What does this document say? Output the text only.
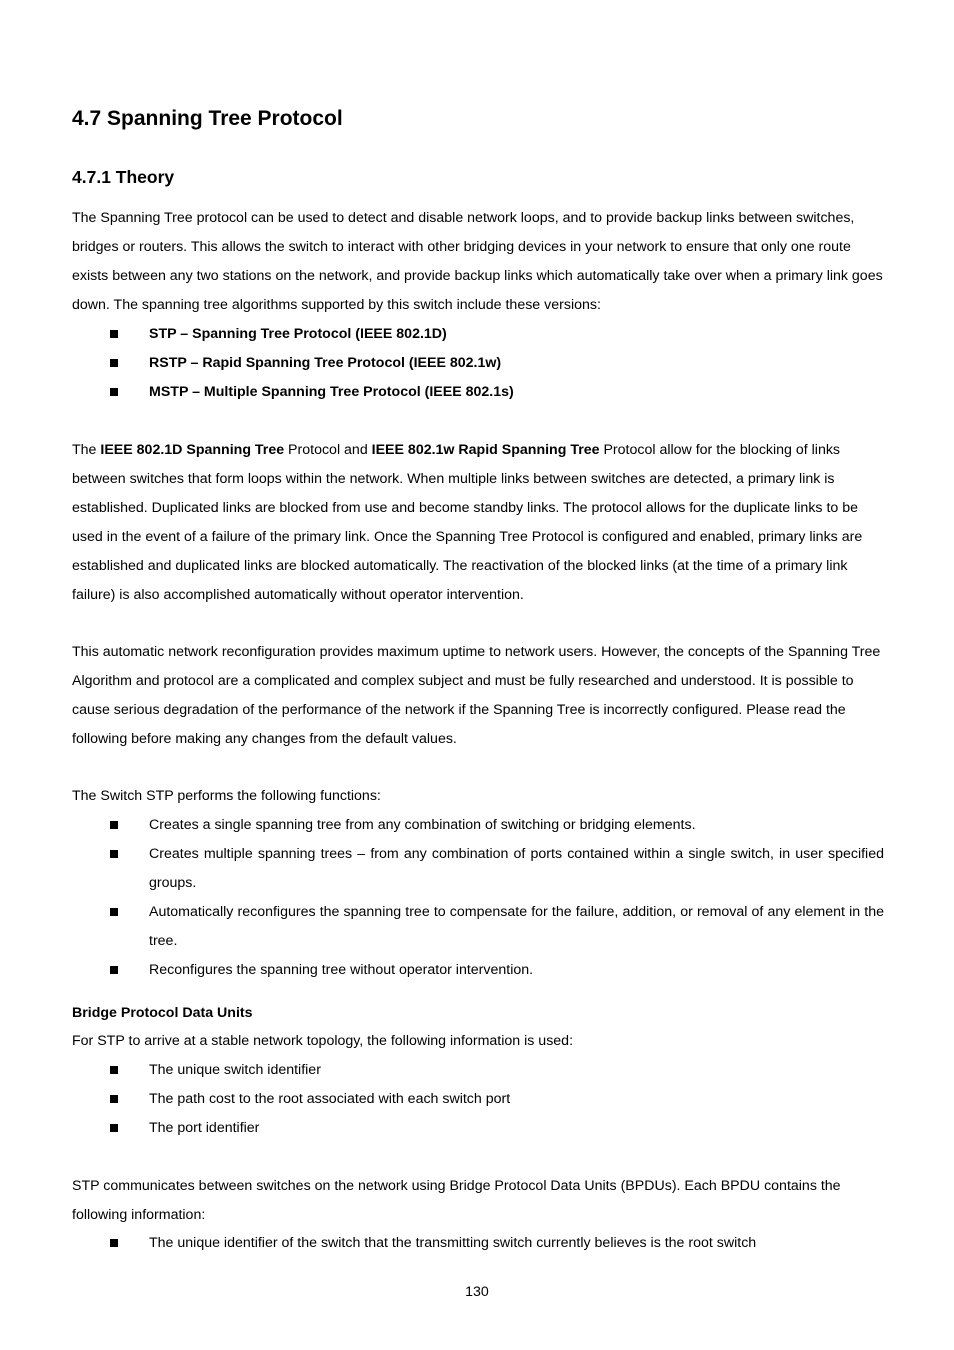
4.7 Spanning Tree Protocol
4.7.1 Theory

The Spanning Tree protocol can be used to detect and disable network loops, and to provide backup links between switches, bridges or routers. This allows the switch to interact with other bridging devices in your network to ensure that only one route exists between any two stations on the network, and provide backup links which automatically take over when a primary link goes down. The spanning tree algorithms supported by this switch include these versions:

STP – Spanning Tree Protocol (IEEE 802.1D)
RSTP – Rapid Spanning Tree Protocol (IEEE 802.1w)
MSTP – Multiple Spanning Tree Protocol (IEEE 802.1s)

The IEEE 802.1D Spanning Tree Protocol and IEEE 802.1w Rapid Spanning Tree Protocol allow for the blocking of links between switches that form loops within the network. When multiple links between switches are detected, a primary link is established. Duplicated links are blocked from use and become standby links. The protocol allows for the duplicate links to be used in the event of a failure of the primary link. Once the Spanning Tree Protocol is configured and enabled, primary links are established and duplicated links are blocked automatically. The reactivation of the blocked links (at the time of a primary link failure) is also accomplished automatically without operator intervention.

This automatic network reconfiguration provides maximum uptime to network users. However, the concepts of the Spanning Tree Algorithm and protocol are a complicated and complex subject and must be fully researched and understood. It is possible to cause serious degradation of the performance of the network if the Spanning Tree is incorrectly configured. Please read the following before making any changes from the default values.

The Switch STP performs the following functions:

Creates a single spanning tree from any combination of switching or bridging elements.
Creates multiple spanning trees – from any combination of ports contained within a single switch, in user specified groups.
Automatically reconfigures the spanning tree to compensate for the failure, addition, or removal of any element in the tree.
Reconfigures the spanning tree without operator intervention.

Bridge Protocol Data Units

For STP to arrive at a stable network topology, the following information is used:

The unique switch identifier
The path cost to the root associated with each switch port
The port identifier

STP communicates between switches on the network using Bridge Protocol Data Units (BPDUs). Each BPDU contains the following information:

The unique identifier of the switch that the transmitting switch currently believes is the root switch
130
